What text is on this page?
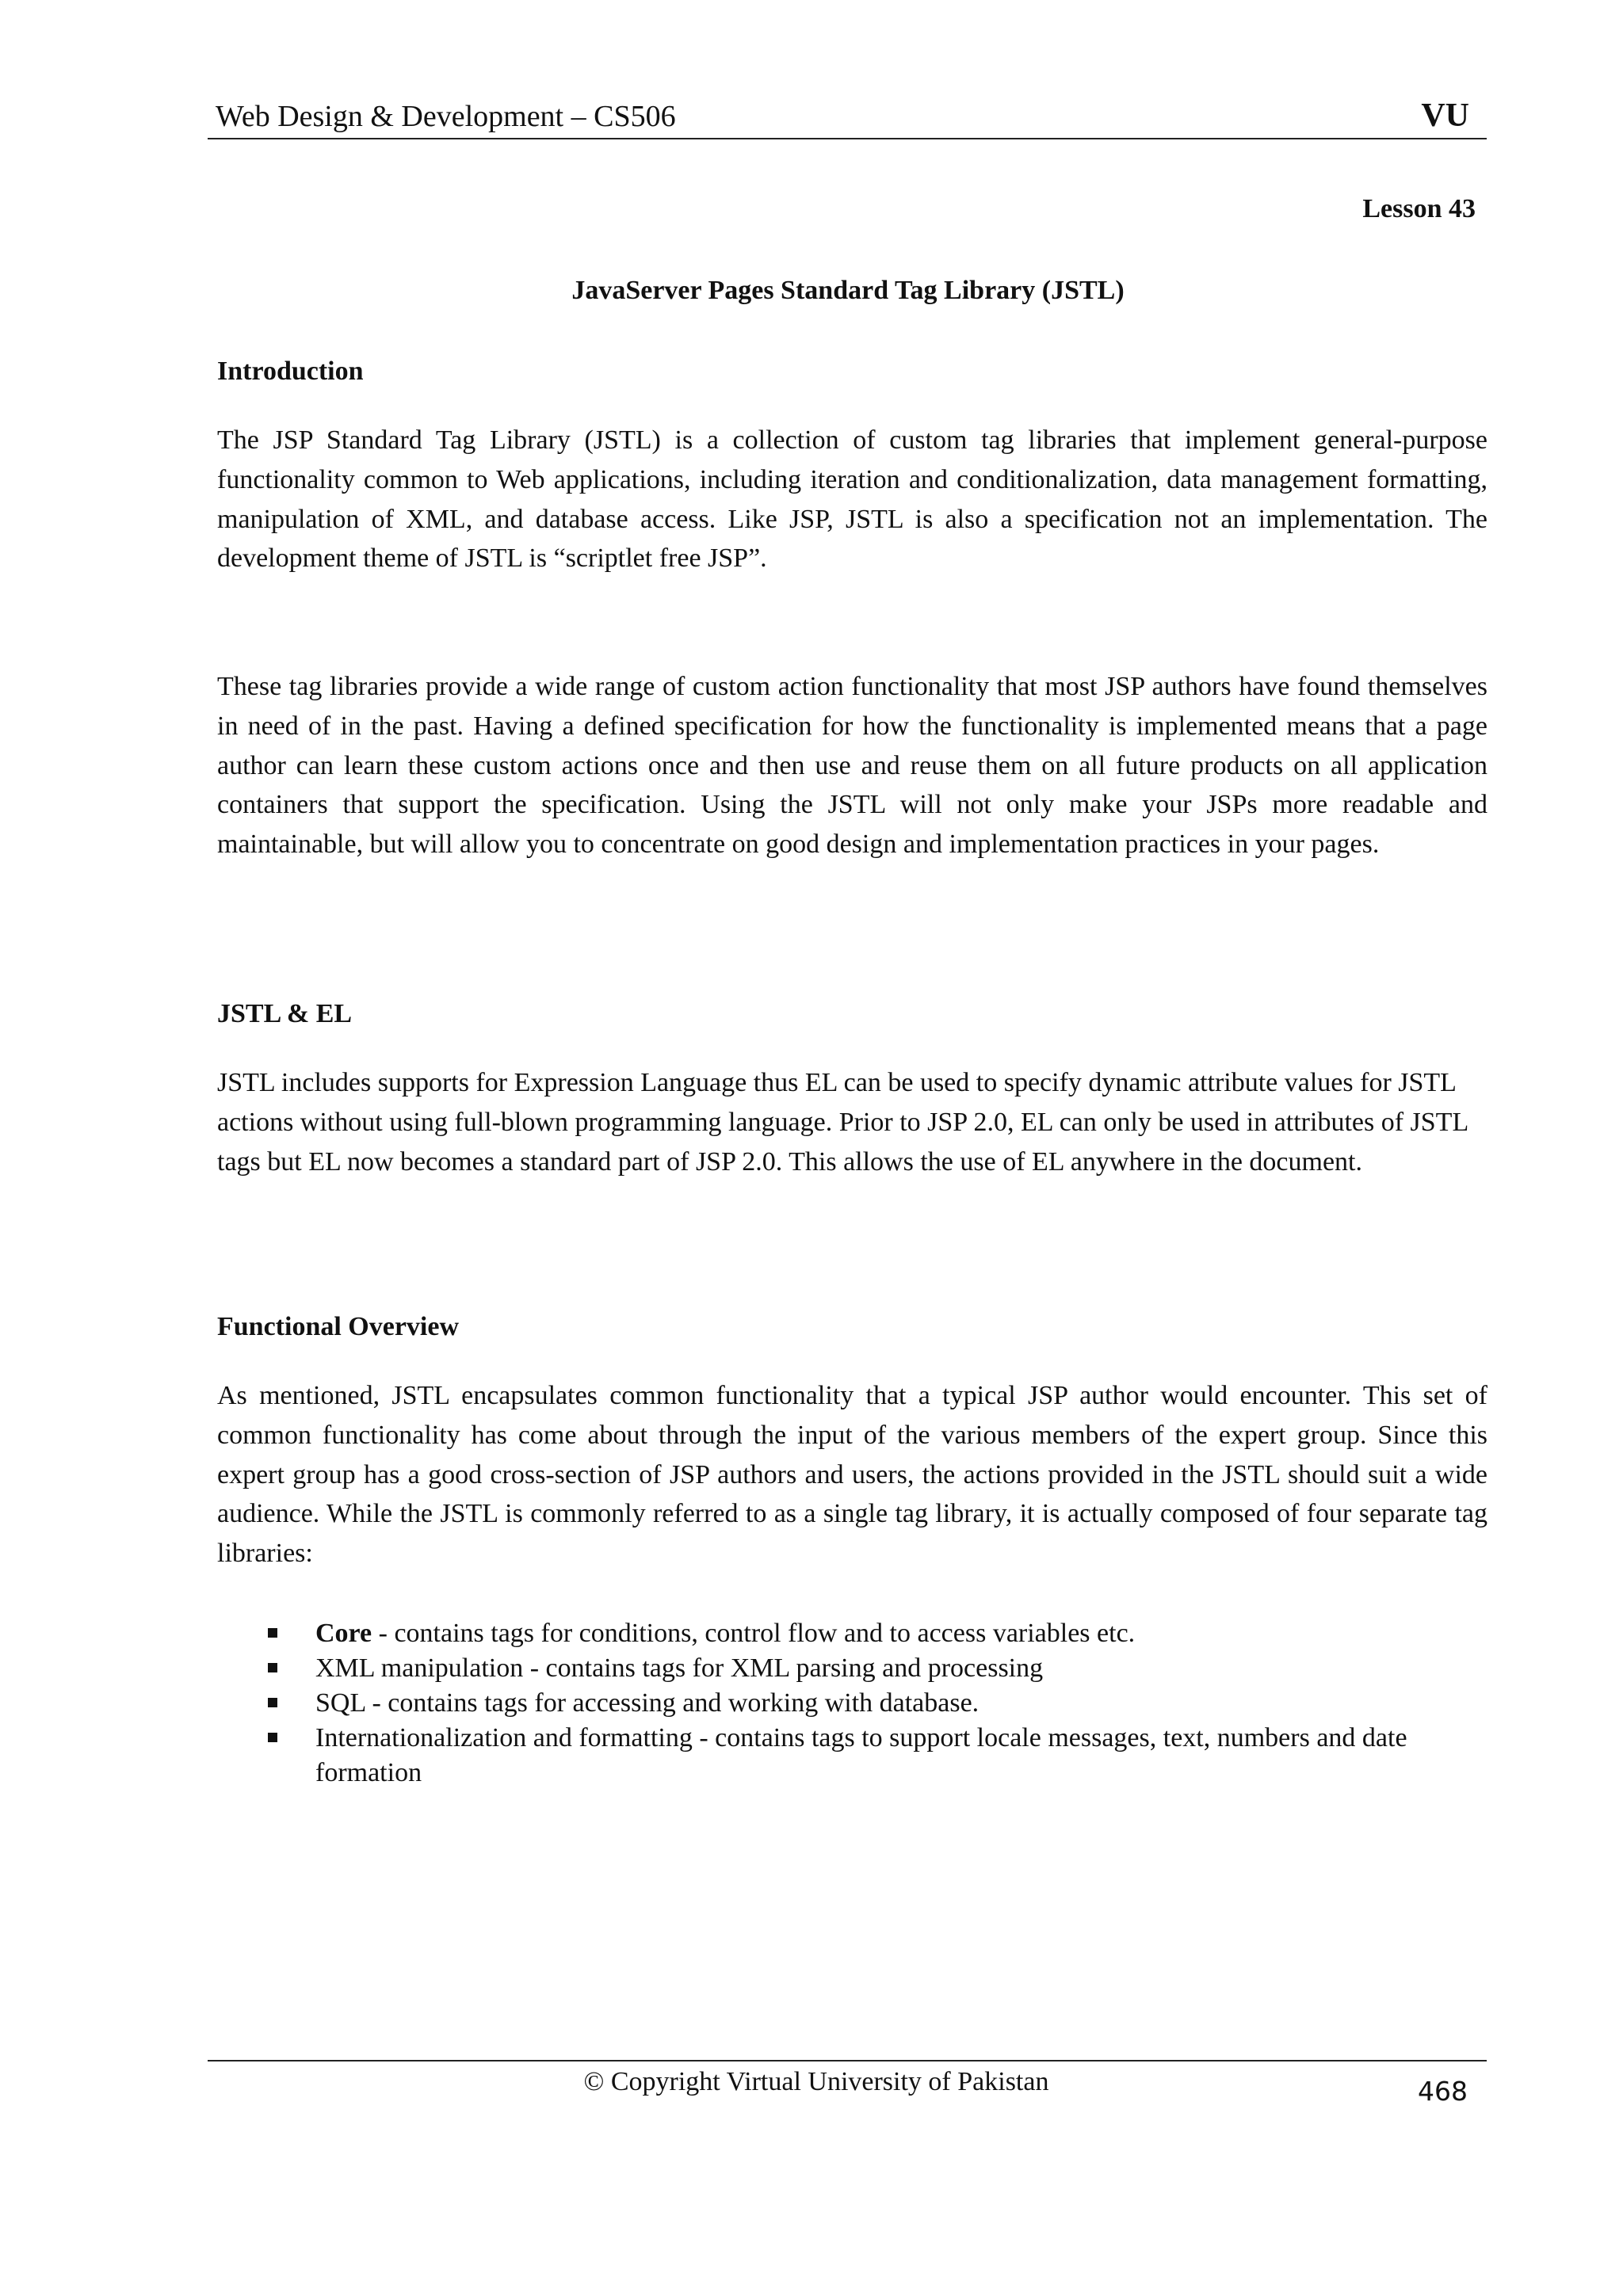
Web Design & Development – CS506	VU
Lesson 43
JavaServer Pages Standard Tag Library (JSTL)
Introduction

The JSP Standard Tag Library (JSTL) is a collection of custom tag libraries that implement general-purpose functionality common to Web applications, including iteration and conditionalization, data management formatting, manipulation of XML, and database access. Like JSP, JSTL is also a specification not an implementation. The development theme of JSTL is “scriptlet free JSP”.

These tag libraries provide a wide range of custom action functionality that most JSP authors have found themselves in need of in the past. Having a defined specification for how the functionality is implemented means that a page author can learn these custom actions once and then use and reuse them on all future products on all application containers that support the specification. Using the JSTL will not only make your JSPs more readable and maintainable, but will allow you to concentrate on good design and implementation practices in your pages.

JSTL & EL

JSTL includes supports for Expression Language thus EL can be used to specify dynamic attribute values for JSTL actions without using full-blown programming language. Prior to JSP 2.0, EL can only be used in attributes of JSTL tags but EL now becomes a standard part of JSP 2.0. This allows the use of EL anywhere in the document.

Functional Overview

As mentioned, JSTL encapsulates common functionality that a typical JSP author would encounter. This set of common functionality has come about through the input of the various members of the expert group. Since this expert group has a good cross-section of JSP authors and users, the actions provided in the JSTL should suit a wide audience. While the JSTL is commonly referred to as a single tag library, it is actually composed of four separate tag libraries:

Core - contains tags for conditions, control flow and to access variables etc.
XML manipulation - contains tags for XML parsing and processing
SQL - contains tags for accessing and working with database.
Internationalization and formatting - contains tags to support locale messages, text, numbers and date formation
© Copyright Virtual University of Pakistan	468
